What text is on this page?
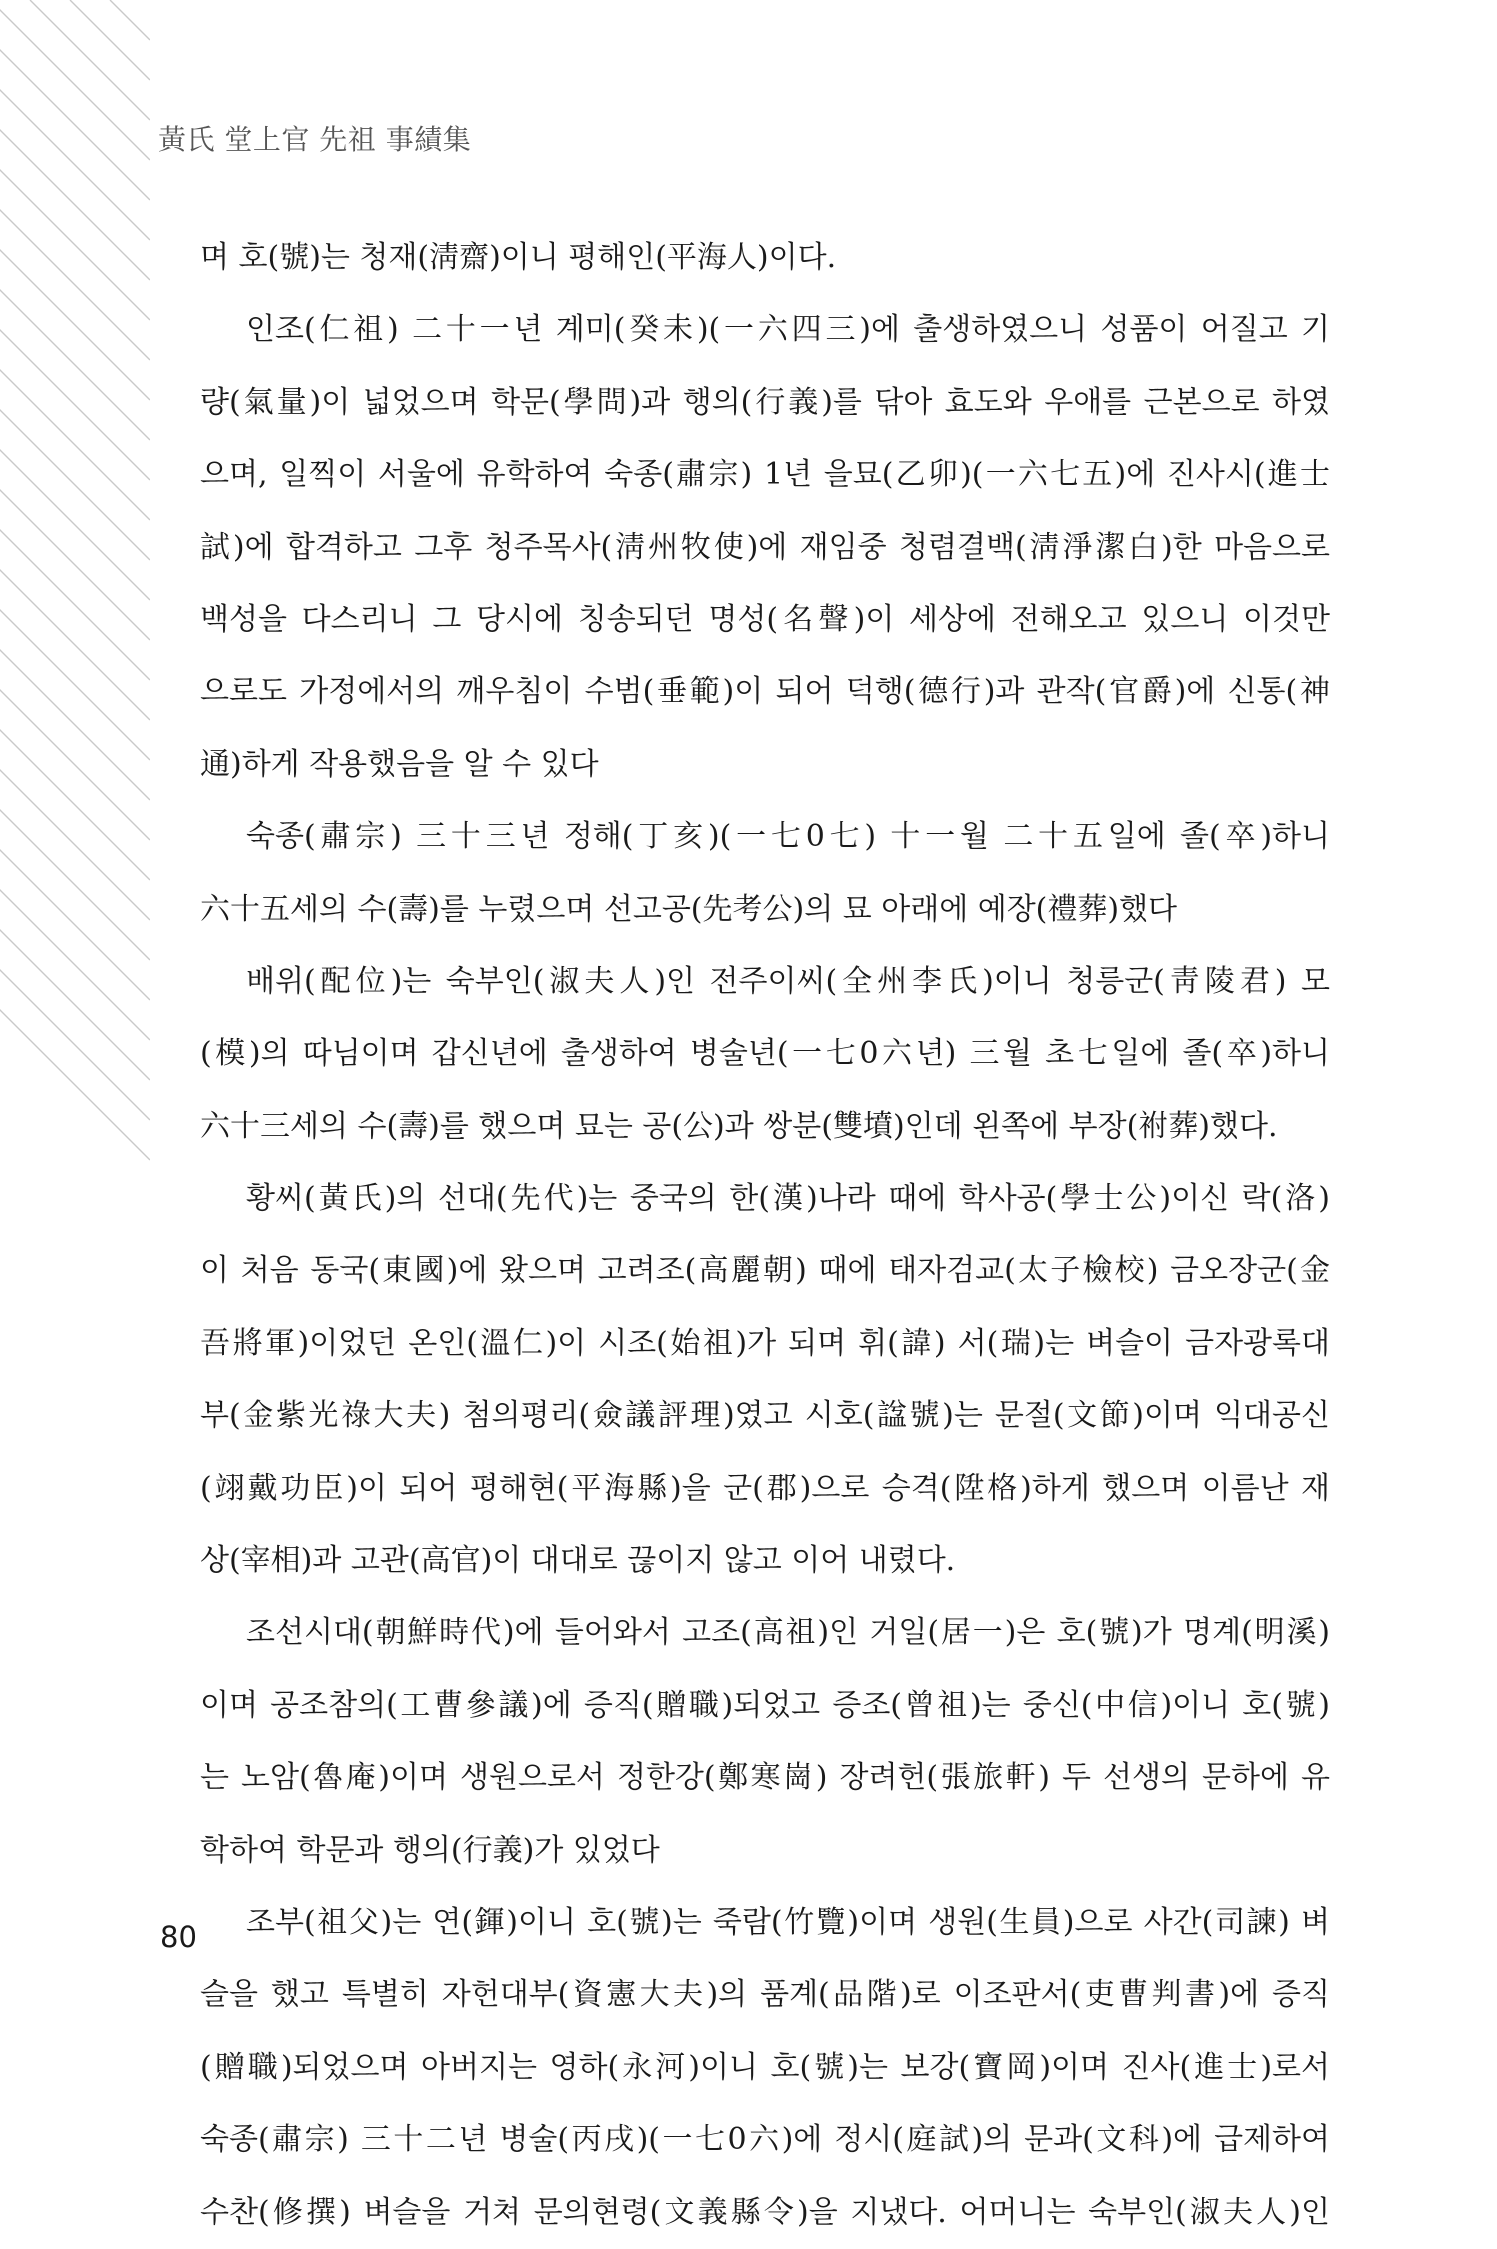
黃氏 堂上官 先祖 事績集
며 호(號)는 청재(淸齋)이니 평해인(平海人)이다.
인조(仁祖) 二十一년 계미(癸未)(一六四三)에 출생하였으니 성품이 어질고 기
량(氣量)이 넓었으며 학문(學問)과 행의(行義)를 닦아 효도와 우애를 근본으로 하였
으며, 일찍이 서울에 유학하여 숙종(肅宗) 1년 을묘(乙卯)(一六七五)에 진사시(進士
試)에 합격하고 그후 청주목사(淸州牧使)에 재임중 청렴결백(淸淨潔白)한 마음으로
백성을 다스리니 그 당시에 칭송되던 명성(名聲)이 세상에 전해오고 있으니 이것만
으로도 가정에서의 깨우침이 수범(垂範)이 되어 덕행(德行)과 관작(官爵)에 신통(神
通)하게 작용했음을 알 수 있다
숙종(肅宗) 三十三년 정해(丁亥)(一七0七) 十一월 二十五일에 졸(卒)하니
六十五세의 수(壽)를 누렸으며 선고공(先考公)의 묘 아래에 예장(禮葬)했다
배위(配位)는 숙부인(淑夫人)인 전주이씨(全州李氏)이니 청릉군(靑陵君) 모
(模)의 따님이며 갑신년에 출생하여 병술년(一七0六년) 三월 초七일에 졸(卒)하니
六十三세의 수(壽)를 했으며 묘는 공(公)과 쌍분(雙墳)인데 왼쪽에 부장(祔葬)했다.
황씨(黃氏)의 선대(先代)는 중국의 한(漢)나라 때에 학사공(學士公)이신 락(洛)
이 처음 동국(東國)에 왔으며 고려조(高麗朝) 때에 태자검교(太子檢校) 금오장군(金
吾將軍)이었던 온인(溫仁)이 시조(始祖)가 되며 휘(諱) 서(瑞)는 벼슬이 금자광록대
부(金紫光祿大夫) 첨의평리(僉議評理)였고 시호(諡號)는 문절(文節)이며 익대공신
(翊戴功臣)이 되어 평해현(平海縣)을 군(郡)으로 승격(陞格)하게 했으며 이름난 재
상(宰相)과 고관(高官)이 대대로 끊이지 않고 이어 내렸다.
조선시대(朝鮮時代)에 들어와서 고조(高祖)인 거일(居一)은 호(號)가 명계(明溪)
이며 공조참의(工曹參議)에 증직(贈職)되었고 증조(曾祖)는 중신(中信)이니 호(號)
는 노암(魯庵)이며 생원으로서 정한강(鄭寒崗) 장려헌(張旅軒) 두 선생의 문하에 유
학하여 학문과 행의(行義)가 있었다
조부(祖父)는 연(鍕)이니 호(號)는 죽람(竹覽)이며 생원(生員)으로 사간(司諫) 벼
슬을 했고 특별히 자헌대부(資憲大夫)의 품계(品階)로 이조판서(吏曹判書)에 증직
(贈職)되었으며 아버지는 영하(永河)이니 호(號)는 보강(寶岡)이며 진사(進士)로서
숙종(肅宗) 三十二년 병술(丙戌)(一七0六)에 정시(庭試)의 문과(文科)에 급제하여
수찬(修撰) 벼슬을 거쳐 문의현령(文義縣令)을 지냈다. 어머니는 숙부인(淑夫人)인
80
